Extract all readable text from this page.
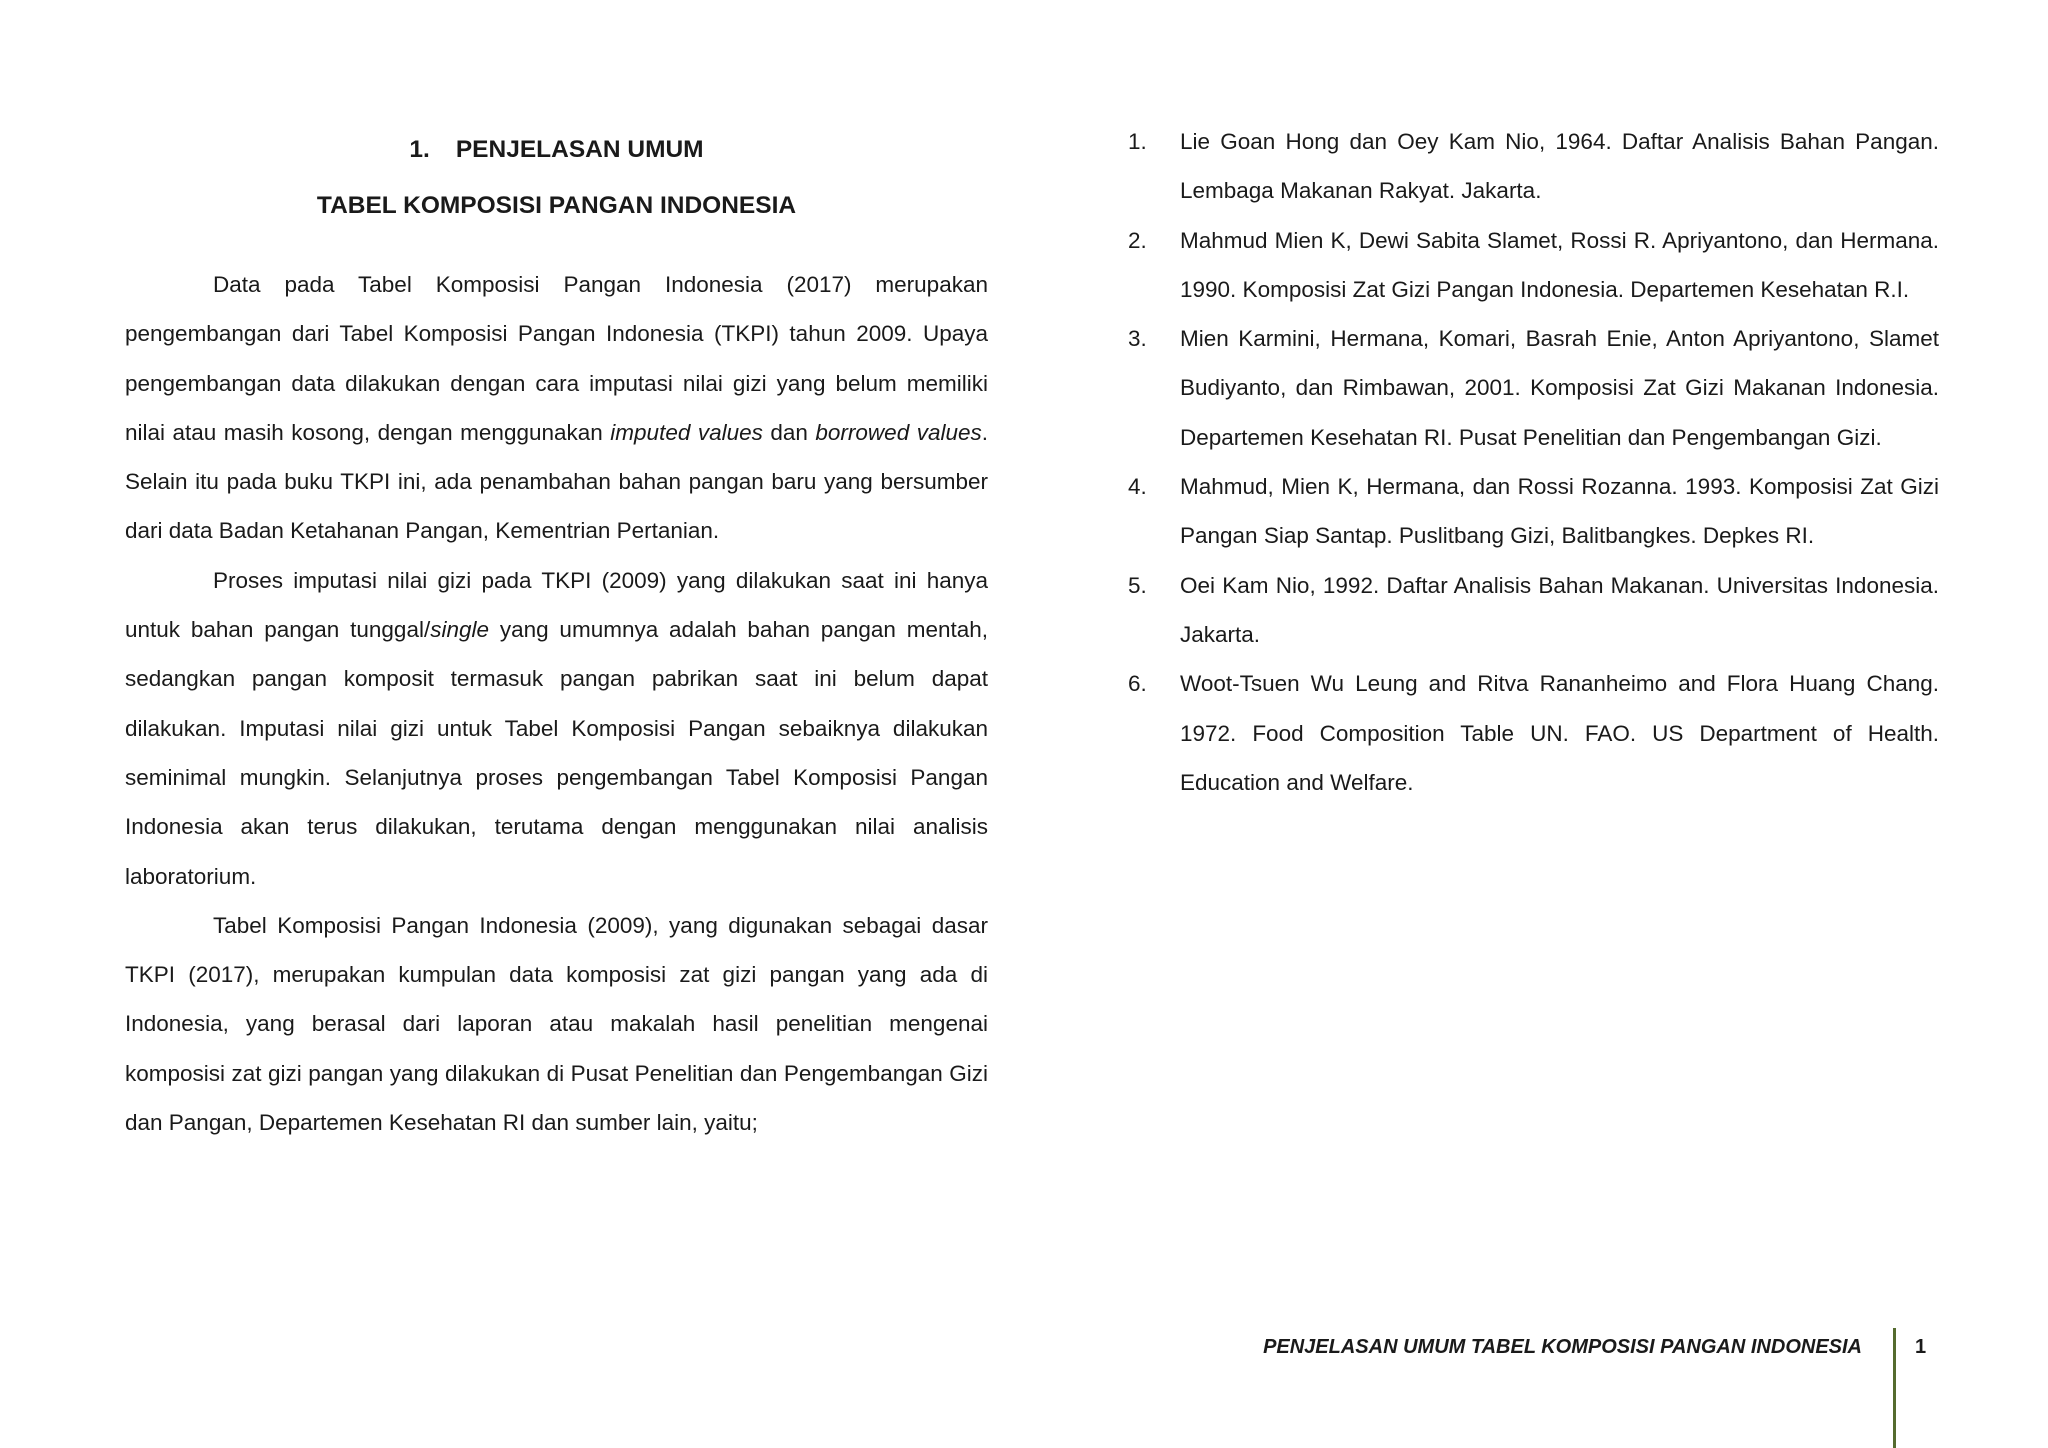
1. PENJELASAN UMUM

TABEL KOMPOSISI PANGAN INDONESIA

Data pada Tabel Komposisi Pangan Indonesia (2017) merupakan pengembangan dari Tabel Komposisi Pangan Indonesia (TKPI) tahun 2009. Upaya pengembangan data dilakukan dengan cara imputasi nilai gizi yang belum memiliki nilai atau masih kosong, dengan menggunakan imputed values dan borrowed values. Selain itu pada buku TKPI ini, ada penambahan bahan pangan baru yang bersumber dari data Badan Ketahanan Pangan, Kementrian Pertanian.

Proses imputasi nilai gizi pada TKPI (2009) yang dilakukan saat ini hanya untuk bahan pangan tunggal/single yang umumnya adalah bahan pangan mentah, sedangkan pangan komposit termasuk pangan pabrikan saat ini belum dapat dilakukan. Imputasi nilai gizi untuk Tabel Komposisi Pangan sebaiknya dilakukan seminimal mungkin. Selanjutnya proses pengembangan Tabel Komposisi Pangan Indonesia akan terus dilakukan, terutama dengan menggunakan nilai analisis laboratorium.

Tabel Komposisi Pangan Indonesia (2009), yang digunakan sebagai dasar TKPI (2017), merupakan kumpulan data komposisi zat gizi pangan yang ada di Indonesia, yang berasal dari laporan atau makalah hasil penelitian mengenai komposisi zat gizi pangan yang dilakukan di Pusat Penelitian dan Pengembangan Gizi dan Pangan, Departemen Kesehatan RI dan sumber lain, yaitu;

1.	Lie Goan Hong dan Oey Kam Nio, 1964. Daftar Analisis Bahan Pangan. Lembaga Makanan Rakyat. Jakarta.
2.	Mahmud Mien K, Dewi Sabita Slamet, Rossi R. Apriyantono, dan Hermana. 1990. Komposisi Zat Gizi Pangan Indonesia. Departemen Kesehatan R.I.
3.	Mien Karmini, Hermana, Komari, Basrah Enie, Anton Apriyantono, Slamet Budiyanto, dan Rimbawan, 2001. Komposisi Zat Gizi Makanan Indonesia. Departemen Kesehatan RI. Pusat Penelitian dan Pengembangan Gizi.
4.	Mahmud, Mien K, Hermana, dan Rossi Rozanna. 1993. Komposisi Zat Gizi Pangan Siap Santap. Puslitbang Gizi, Balitbangkes. Depkes RI.
5.	Oei Kam Nio, 1992. Daftar Analisis Bahan Makanan. Universitas Indonesia. Jakarta.
6.	Woot-Tsuen Wu Leung and Ritva Rananheimo and Flora Huang Chang. 1972. Food Composition Table UN. FAO. US Department of Health. Education and Welfare.
PENJELASAN UMUM TABEL KOMPOSISI PANGAN INDONESIA	1
